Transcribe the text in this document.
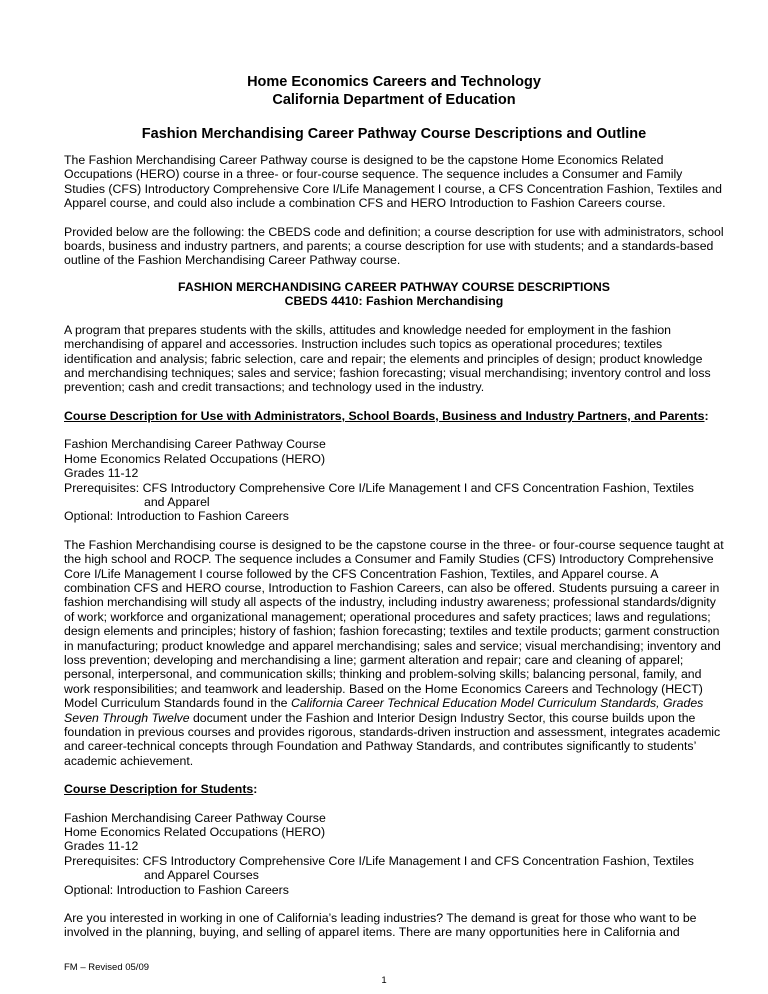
Home Economics Careers and Technology
California Department of Education
Fashion Merchandising Career Pathway Course Descriptions and Outline

The Fashion Merchandising Career Pathway course is designed to be the capstone Home Economics Related Occupations (HERO) course in a three- or four-course sequence. The sequence includes a Consumer and Family Studies (CFS) Introductory Comprehensive Core I/Life Management I course, a CFS Concentration Fashion, Textiles and Apparel course, and could also include a combination CFS and HERO Introduction to Fashion Careers course.

Provided below are the following: the CBEDS code and definition; a course description for use with administrators, school boards, business and industry partners, and parents; a course description for use with students; and a standards-based outline of the Fashion Merchandising Career Pathway course.

FASHION MERCHANDISING CAREER PATHWAY COURSE DESCRIPTIONS
CBEDS 4410: Fashion Merchandising

A program that prepares students with the skills, attitudes and knowledge needed for employment in the fashion merchandising of apparel and accessories. Instruction includes such topics as operational procedures; textiles identification and analysis; fabric selection, care and repair; the elements and principles of design; product knowledge and merchandising techniques; sales and service; fashion forecasting; visual merchandising; inventory control and loss prevention; cash and credit transactions; and technology used in the industry.

Course Description for Use with Administrators, School Boards, Business and Industry Partners, and Parents:
Fashion Merchandising Career Pathway Course
Home Economics Related Occupations (HERO)
Grades 11-12
Prerequisites: CFS Introductory Comprehensive Core I/Life Management I and CFS Concentration Fashion, Textiles
and Apparel
Optional: Introduction to Fashion Careers

The Fashion Merchandising course is designed to be the capstone course in the three- or four-course sequence taught at the high school and ROCP. The sequence includes a Consumer and Family Studies (CFS) Introductory Comprehensive Core I/Life Management I course followed by the CFS Concentration Fashion, Textiles, and Apparel course. A combination CFS and HERO course, Introduction to Fashion Careers, can also be offered. Students pursuing a career in fashion merchandising will study all aspects of the industry, including industry awareness; professional standards/dignity of work; workforce and organizational management; operational procedures and safety practices; laws and regulations; design elements and principles; history of fashion; fashion forecasting; textiles and textile products; garment construction in manufacturing; product knowledge and apparel merchandising; sales and service; visual merchandising; inventory and loss prevention; developing and merchandising a line; garment alteration and repair; care and cleaning of apparel; personal, interpersonal, and communication skills; thinking and problem-solving skills; balancing personal, family, and work responsibilities; and teamwork and leadership. Based on the Home Economics Careers and Technology (HECT) Model Curriculum Standards found in the California Career Technical Education Model Curriculum Standards, Grades Seven Through Twelve document under the Fashion and Interior Design Industry Sector, this course builds upon the foundation in previous courses and provides rigorous, standards-driven instruction and assessment, integrates academic and career-technical concepts through Foundation and Pathway Standards, and contributes significantly to students’ academic achievement.

Course Description for Students:
Fashion Merchandising Career Pathway Course
Home Economics Related Occupations (HERO)
Grades 11-12
Prerequisites: CFS Introductory Comprehensive Core I/Life Management I and CFS Concentration Fashion, Textiles
and Apparel Courses
Optional: Introduction to Fashion Careers

Are you interested in working in one of California’s leading industries? The demand is great for those who want to be involved in the planning, buying, and selling of apparel items. There are many opportunities here in California and

FM – Revised 05/09
1
